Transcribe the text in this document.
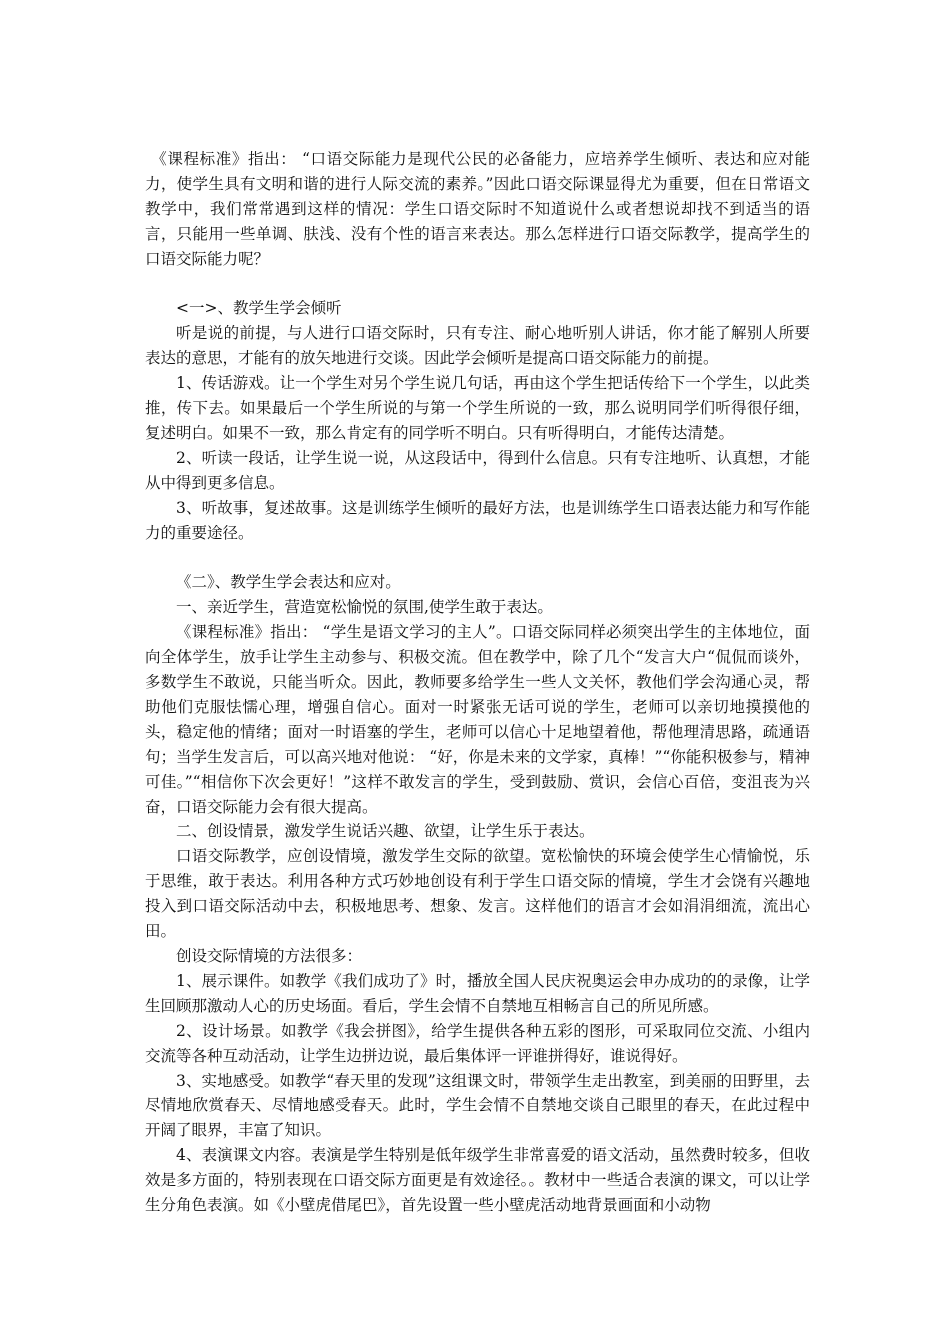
《课程标准》指出： “口语交际能力是现代公民的必备能力，应培养学生倾听、表达和应对能力，使学生具有文明和谐的进行人际交流的素养。”因此口语交际课显得尤为重要，但在日常语文教学中，我们常常遇到这样的情况：学生口语交际时不知道说什么或者想说却找不到适当的语言，只能用一些单调、肤浅、没有个性的语言来表达。那么怎样进行口语交际教学，提高学生的口语交际能力呢？

<一>、教学生学会倾听

听是说的前提，与人进行口语交际时，只有专注、耐心地听别人讲话，你才能了解别人所要表达的意思，才能有的放矢地进行交谈。因此学会倾听是提高口语交际能力的前提。

1、传话游戏。让一个学生对另个学生说几句话，再由这个学生把话传给下一个学生，以此类推，传下去。如果最后一个学生所说的与第一个学生所说的一致，那么说明同学们听得很仔细，复述明白。如果不一致，那么肯定有的同学听不明白。只有听得明白，才能传达清楚。

2、听读一段话，让学生说一说，从这段话中，得到什么信息。只有专注地听、认真想，才能从中得到更多信息。

3、听故事，复述故事。这是训练学生倾听的最好方法，也是训练学生口语表达能力和写作能力的重要途径。

《二》、教学生学会表达和应对。

一、亲近学生，营造宽松愉悦的氛围,使学生敢于表达。

《课程标准》指出： “学生是语文学习的主人”。口语交际同样必须突出学生的主体地位，面向全体学生，放手让学生主动参与、积极交流。但在教学中，除了几个“发言大户“侃侃而谈外，多数学生不敢说，只能当听众。因此，教师要多给学生一些人文关怀，教他们学会沟通心灵，帮助他们克服怯懦心理，增强自信心。面对一时紧张无话可说的学生，老师可以亲切地摸摸他的头，稳定他的情绪；面对一时语塞的学生，老师可以信心十足地望着他，帮他理清思路，疏通语句；当学生发言后，可以高兴地对他说： “好，你是未来的文学家，真棒！”“你能积极参与，精神可佳。”“相信你下次会更好！”这样不敢发言的学生，受到鼓励、赏识，会信心百倍，变沮丧为兴奋，口语交际能力会有很大提高。

二、创设情景，激发学生说话兴趣、欲望，让学生乐于表达。

口语交际教学，应创设情境，激发学生交际的欲望。宽松愉快的环境会使学生心情愉悦，乐于思维，敢于表达。利用各种方式巧妙地创设有利于学生口语交际的情境，学生才会饶有兴趣地投入到口语交际活动中去，积极地思考、想象、发言。这样他们的语言才会如涓涓细流，流出心田。

创设交际情境的方法很多：

1、展示课件。如教学《我们成功了》时，播放全国人民庆祝奥运会申办成功的的录像，让学生回顾那激动人心的历史场面。看后，学生会情不自禁地互相畅言自己的所见所感。

2、设计场景。如教学《我会拼图》，给学生提供各种五彩的图形，可采取同位交流、小组内交流等各种互动活动，让学生边拼边说，最后集体评一评谁拼得好，谁说得好。

3、实地感受。如教学“春天里的发现”这组课文时，带领学生走出教室，到美丽的田野里，去尽情地欣赏春天、尽情地感受春天。此时，学生会情不自禁地交谈自己眼里的春天，在此过程中开阔了眼界，丰富了知识。

4、表演课文内容。表演是学生特别是低年级学生非常喜爱的语文活动，虽然费时较多，但收效是多方面的，特别表现在口语交际方面更是有效途径。。教材中一些适合表演的课文，可以让学生分角色表演。如《小壁虎借尾巴》，首先设置一些小壁虎活动地背景画面和小动物
